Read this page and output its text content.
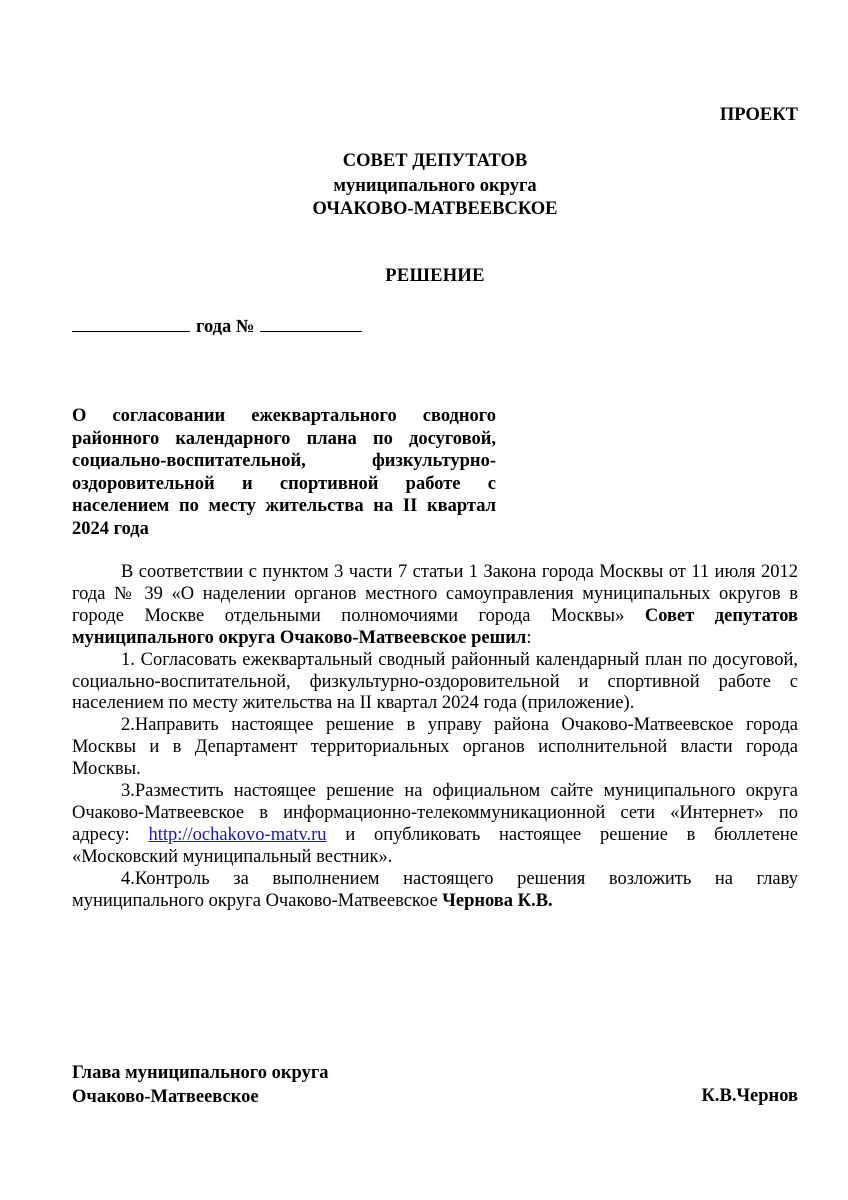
ПРОЕКТ
СОВЕТ ДЕПУТАТОВ
муниципального округа
ОЧАКОВО-МАТВЕЕВСКОЕ
РЕШЕНИЕ
года №
О согласовании ежеквартального сводного районного календарного плана по досуговой, социально-воспитательной, физкультурно-оздоровительной и спортивной работе с населением по месту жительства на II квартал 2024 года

В соответствии с пунктом 3 части 7 статьи 1 Закона города Москвы от 11 июля 2012 года № 39 «О наделении органов местного самоуправления муниципальных округов в городе Москве отдельными полномочиями города Москвы» Совет депутатов муниципального округа Очаково-Матвеевское решил:

1. Согласовать ежеквартальный сводный районный календарный план по досуговой, социально-воспитательной, физкультурно-оздоровительной и спортивной работе с населением по месту жительства на II квартал 2024 года (приложение).

2.Направить настоящее решение в управу района Очаково-Матвеевское города Москвы и в Департамент территориальных органов исполнительной власти города Москвы.

3.Разместить настоящее решение на официальном сайте муниципального округа Очаково-Матвеевское в информационно-телекоммуникационной сети «Интернет» по адресу: http://ochakovo-matv.ru и опубликовать настоящее решение в бюллетене «Московский муниципальный вестник».

4.Контроль за выполнением настоящего решения возложить на главу муниципального округа Очаково-Матвеевское Чернова К.В.

Глава муниципального округа
Очаково-Матвеевское	К.В.Чернов
